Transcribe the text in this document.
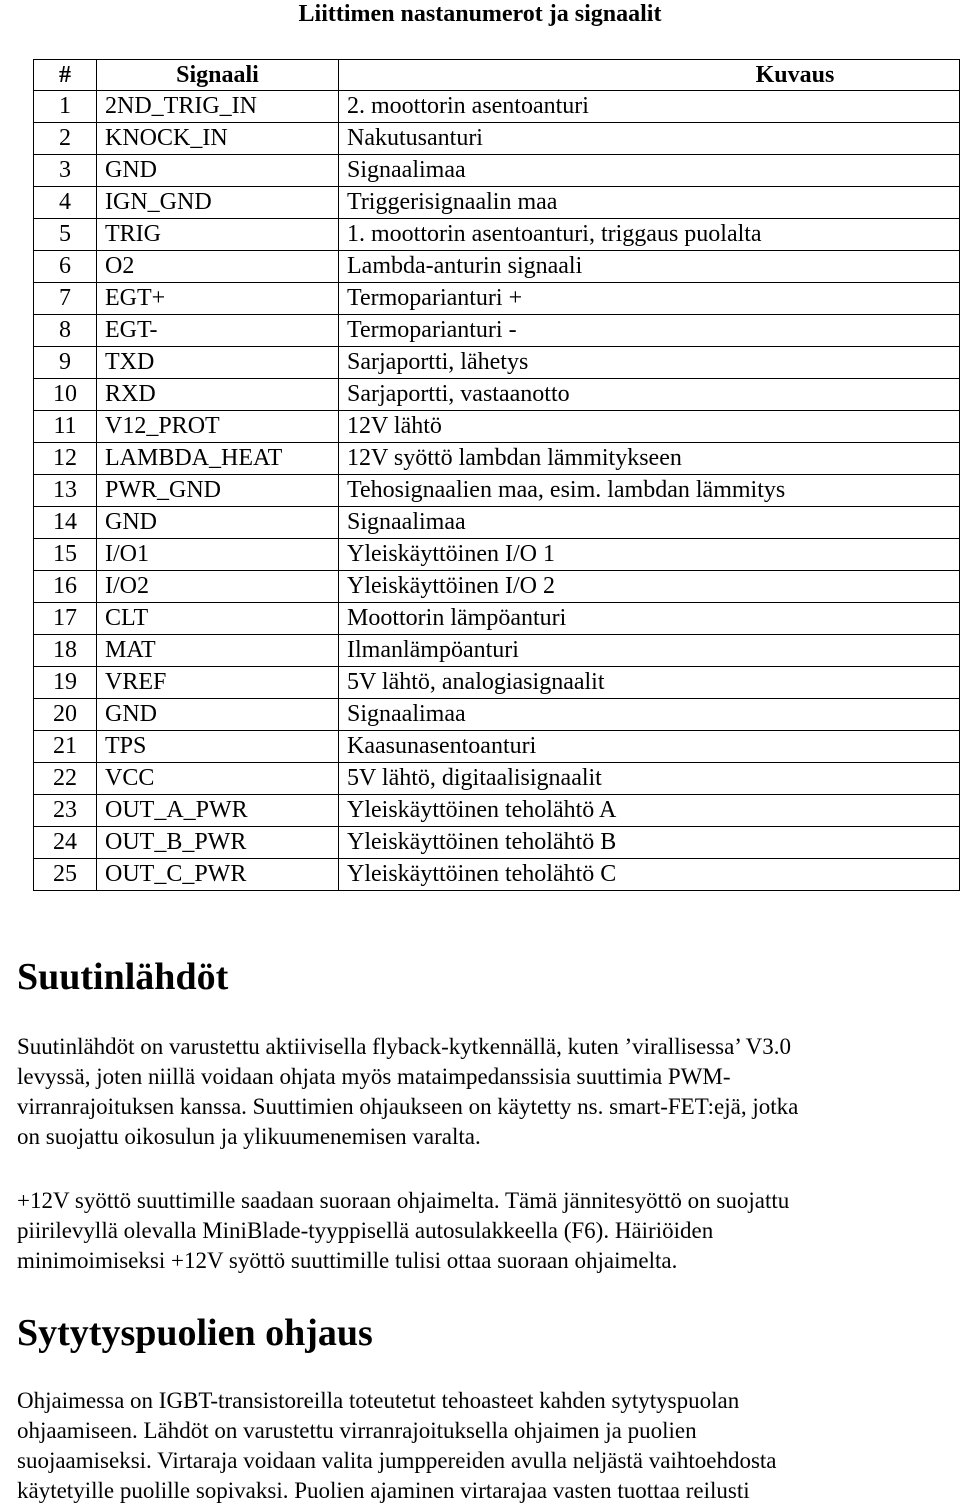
Liittimen nastanumerot ja signaalit
#	Signaali	Kuvaus
1	2ND_TRIG_IN	2. moottorin asentoanturi
2	KNOCK_IN	Nakutusanturi
3	GND	Signaalimaa
4	IGN_GND	Triggerisignaalin maa
5	TRIG	1. moottorin asentoanturi, triggaus puolalta
6	O2	Lambda-anturin signaali
7	EGT+	Termoparianturi +
8	EGT-	Termoparianturi -
9	TXD	Sarjaportti, lähetys
10	RXD	Sarjaportti, vastaanotto
11	V12_PROT	12V lähtö
12	LAMBDA_HEAT	12V syöttö lambdan lämmitykseen
13	PWR_GND	Tehosignaalien maa, esim. lambdan lämmitys
14	GND	Signaalimaa
15	I/O1	Yleiskäyttöinen I/O 1
16	I/O2	Yleiskäyttöinen I/O 2
17	CLT	Moottorin lämpöanturi
18	MAT	Ilmanlämpöanturi
19	VREF	5V lähtö, analogiasignaalit
20	GND	Signaalimaa
21	TPS	Kaasunasentoanturi
22	VCC	5V lähtö, digitaalisignaalit
23	OUT_A_PWR	Yleiskäyttöinen teholähtö A
24	OUT_B_PWR	Yleiskäyttöinen teholähtö B
25	OUT_C_PWR	Yleiskäyttöinen teholähtö C
Suutinlähdöt

Suutinlähdöt on varustettu aktiivisella flyback-kytkennällä, kuten ’virallisessa’ V3.0
levyssä, joten niillä voidaan ohjata myös mataimpedanssisia suuttimia PWM-
virranrajoituksen kanssa. Suuttimien ohjaukseen on käytetty ns. smart-FET:ejä, jotka
on suojattu oikosulun ja ylikuumenemisen varalta.

+12V syöttö suuttimille saadaan suoraan ohjaimelta. Tämä jännitesyöttö on suojattu
piirilevyllä olevalla MiniBlade-tyyppisellä autosulakkeella (F6). Häiriöiden
minimoimiseksi +12V syöttö suuttimille tulisi ottaa suoraan ohjaimelta.

Sytytyspuolien ohjaus

Ohjaimessa on IGBT-transistoreilla toteutetut tehoasteet kahden sytytyspuolan
ohjaamiseen. Lähdöt on varustettu virranrajoituksella ohjaimen ja puolien
suojaamiseksi. Virtaraja voidaan valita jumppereiden avulla neljästä vaihtoehdosta
käytetyille puolille sopivaksi. Puolien ajaminen virtarajaa vasten tuottaa reilusti
